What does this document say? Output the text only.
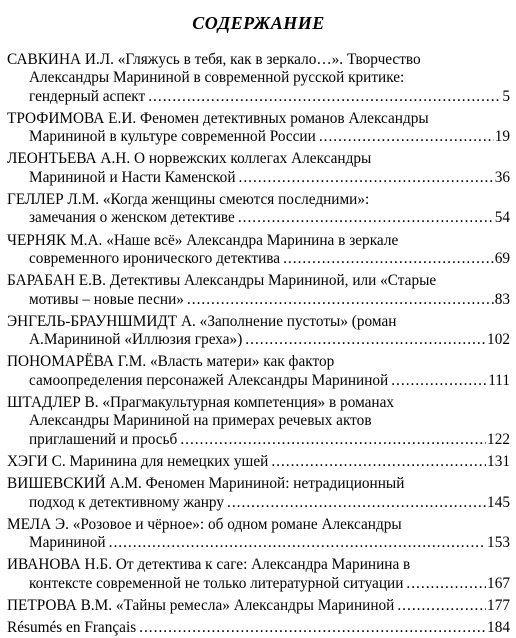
СОДЕРЖАНИЕ
САВКИНА И.Л. «Гляжусь в тебя, как в зеркало…». Творчество
Александры Марининой в современной русской критике:
гендерный аспект .....	5
ТРОФИМОВА Е.И. Феномен детективных романов Александры
Марининой в культуре современной России .....	19
ЛЕОНТЬЕВА А.Н. О норвежских коллегах Александры
Марининой и Насти Каменской .....	36
ГЕЛЛЕР Л.М. «Когда женщины смеются последними»:
замечания о женском детективе .....	54
ЧЕРНЯК М.А. «Наше всё» Александра Маринина в зеркале
современного иронического детектива .....	69
БАРАБАН Е.В. Детективы Александры Марининой, или «Старые
мотивы – новые песни» .....	83
ЭНГЕЛЬ-БРАУНШМИДТ А. «Заполнение пустоты» (роман
А.Марининой «Иллюзия греха») .....	102
ПОНОМАРЁВА Г.М. «Власть матери» как фактор
самоопределения персонажей Александры Марининой .....	111
ШТАДЛЕР В. «Прагмакультурная компетенция» в романах
Александры Марининой на примерах речевых актов
приглашений и просьб .....	122
ХЭГИ С. Маринина для немецких ушей .....	131
ВИШЕВСКИЙ А.М. Феномен Марининой: нетрадиционный
подход к детективному жанру .....	145
МЕЛА Э. «Розовое и чёрное»: об одном романе Александры
Марининой .....	153
ИВАНОВА Н.Б. От детектива к саге: Александра Маринина в
контексте современной не только литературной ситуации .....	167
ПЕТРОВА В.М. «Тайны ремесла» Александры Марининой .....	177
Résumés en Français .....	184
